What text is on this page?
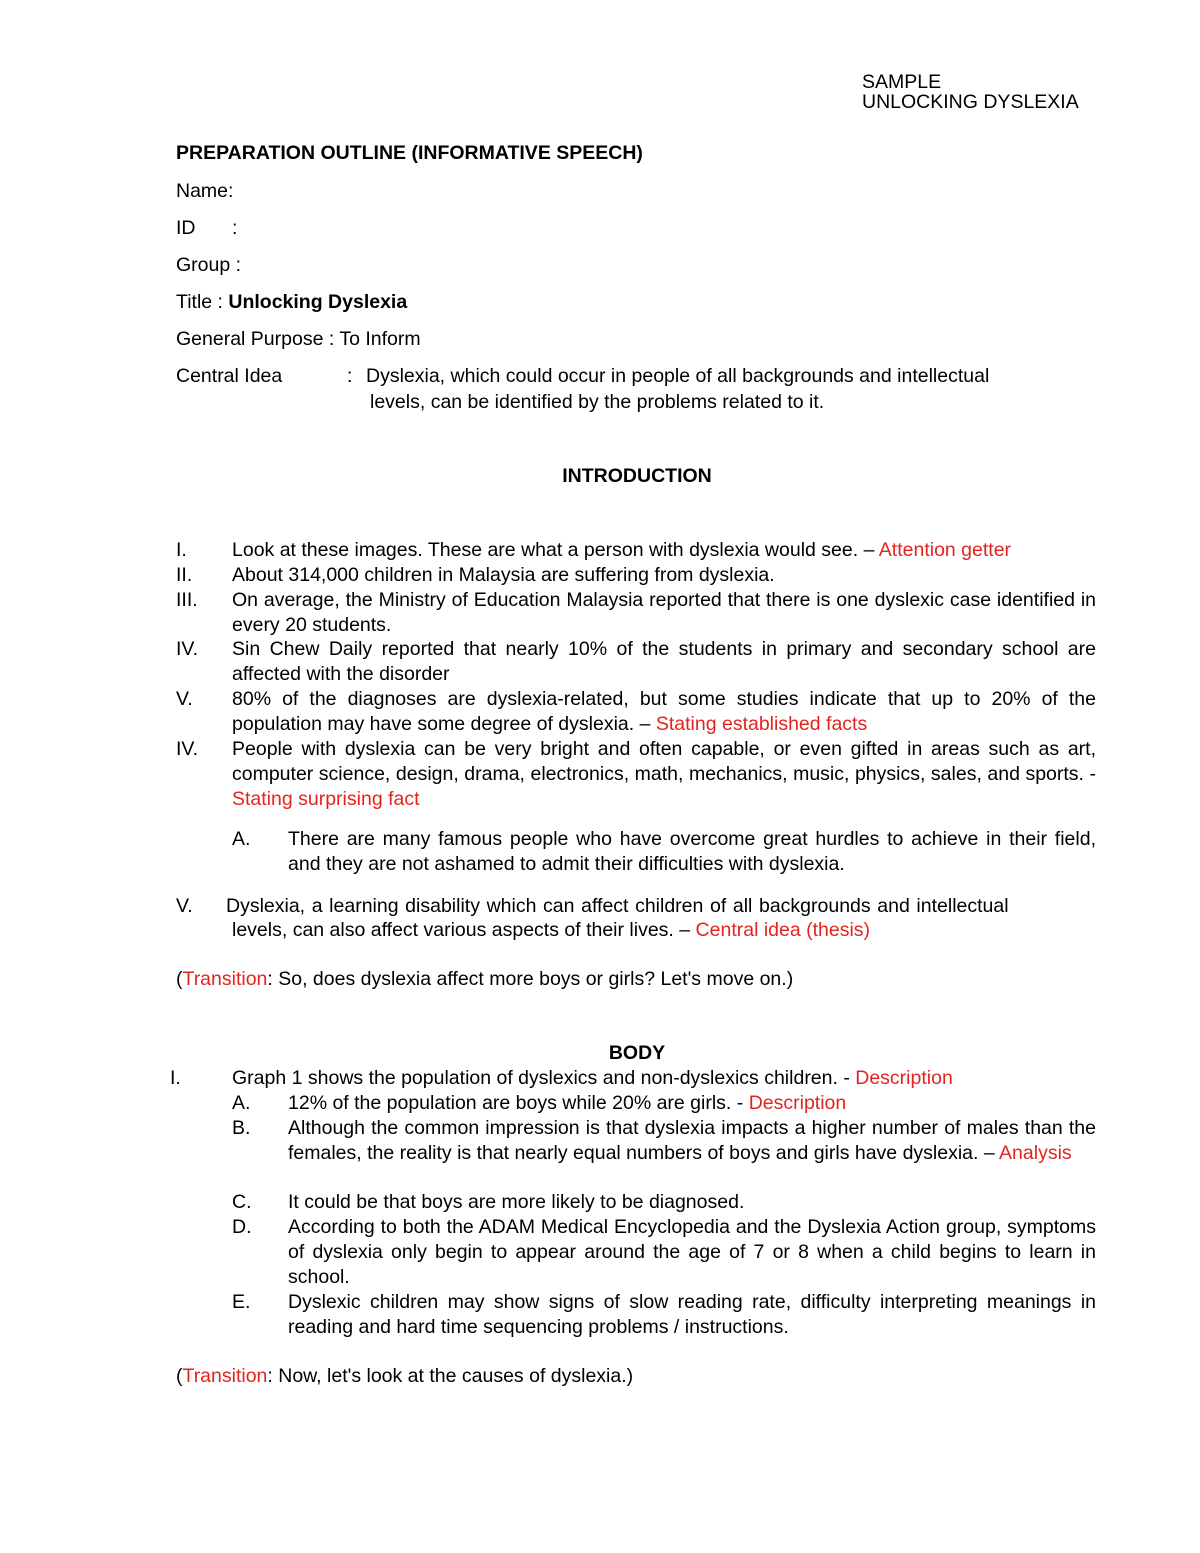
SAMPLE
UNLOCKING DYSLEXIA
PREPARATION OUTLINE (INFORMATIVE SPEECH)
Name:
ID :
Group :
Title : Unlocking Dyslexia
General Purpose : To Inform
Central Idea	: Dyslexia, which could occur in people of all backgrounds and intellectual
levels, can be identified by the problems related to it.
INTRODUCTION
I. Look at these images. These are what a person with dyslexia would see. – Attention getter
II. About 314,000 children in Malaysia are suffering from dyslexia.
III. On average, the Ministry of Education Malaysia reported that there is one dyslexic case identified in every 20 students.
IV. Sin Chew Daily reported that nearly 10% of the students in primary and secondary school are affected with the disorder
V. 80% of the diagnoses are dyslexia-related, but some studies indicate that up to 20% of the population may have some degree of dyslexia. – Stating established facts
IV. People with dyslexia can be very bright and often capable, or even gifted in areas such as art, computer science, design, drama, electronics, math, mechanics, music, physics, sales, and sports. - Stating surprising fact
A. There are many famous people who have overcome great hurdles to achieve in their field, and they are not ashamed to admit their difficulties with dyslexia.
V. Dyslexia, a learning disability which can affect children of all backgrounds and intellectual
levels, can also affect various aspects of their lives. – Central idea (thesis)
(Transition: So, does dyslexia affect more boys or girls? Let's move on.)
BODY
I.	Graph 1 shows the population of dyslexics and non-dyslexics children. - Description
A. 12% of the population are boys while 20% are girls. - Description
B. Although the common impression is that dyslexia impacts a higher number of males than the females, the reality is that nearly equal numbers of boys and girls have dyslexia. – Analysis
C. It could be that boys are more likely to be diagnosed.
D. According to both the ADAM Medical Encyclopedia and the Dyslexia Action group, symptoms of dyslexia only begin to appear around the age of 7 or 8 when a child begins to learn in school.
E. Dyslexic children may show signs of slow reading rate, difficulty interpreting meanings in reading and hard time sequencing problems / instructions.
(Transition: Now, let's look at the causes of dyslexia.)
